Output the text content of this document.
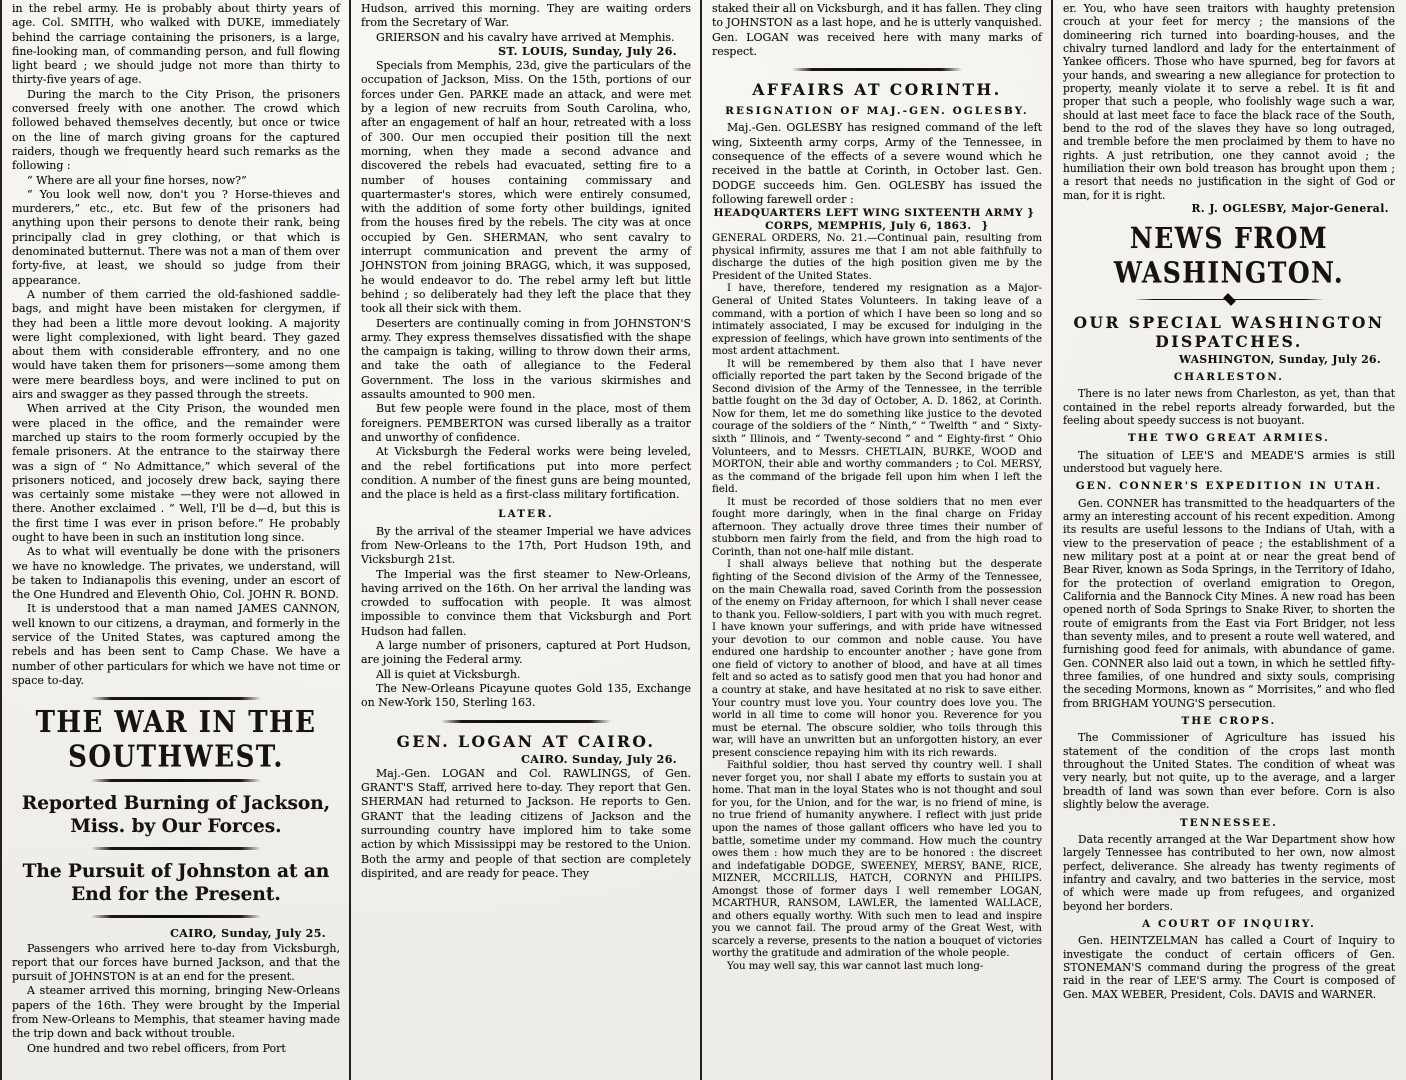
in the rebel army. He is probably about thirty years of age. Col. SMITH, who walked with DUKE, immediately behind the carriage containing the prisoners, is a large, fine-looking man, of commanding person, and full flowing light beard ; we should judge not more than thirty to thirty-five years of age.
During the march to the City Prison, the prisoners conversed freely with one another. The crowd which followed behaved themselves decently, but once or twice on the line of march giving groans for the captured raiders, though we frequently heard such remarks as the following :
“ Where are all your fine horses, now?”
“ You look well now, don't you ? Horse-thieves and murderers,” etc., etc. But few of the prisoners had anything upon their persons to denote their rank, being principally clad in grey clothing, or that which is denominated butternut. There was not a man of them over forty-five, at least, we should so judge from their appearance.
A number of them carried the old-fashioned saddle-bags, and might have been mistaken for clergymen, if they had been a little more devout looking. A majority were light complexioned, with light beard. They gazed about them with considerable effrontery, and no one would have taken them for prisoners—some among them were mere beardless boys, and were inclined to put on airs and swagger as they passed through the streets.
When arrived at the City Prison, the wounded men were placed in the office, and the remainder were marched up stairs to the room formerly occupied by the female prisoners. At the entrance to the stairway there was a sign of “ No Admittance,” which several of the prisoners noticed, and jocosely drew back, saying there was certainly some mistake —they were not allowed in there. Another exclaimed . “ Well, I'll be d—d, but this is the first time I was ever in prison before.” He probably ought to have been in such an institution long since.
As to what will eventually be done with the prisoners we have no knowledge. The privates, we understand, will be taken to Indianapolis this evening, under an escort of the One Hundred and Eleventh Ohio, Col. JOHN R. BOND.
It is understood that a man named JAMES CANNON, well known to our citizens, a drayman, and formerly in the service of the United States, was captured among the rebels and has been sent to Camp Chase. We have a number of other particulars for which we have not time or space to-day.
THE WAR IN THE SOUTHWEST.
Reported Burning of Jackson, Miss. by Our Forces.
The Pursuit of Johnston at an End for the Present.
CAIRO, Sunday, July 25.
Passengers who arrived here to-day from Vicksburgh, report that our forces have burned Jackson, and that the pursuit of JOHNSTON is at an end for the present.
A steamer arrived this morning, bringing New-Orleans papers of the 16th. They were brought by the Imperial from New-Orleans to Memphis, that steamer having made the trip down and back without trouble.
One hundred and two rebel officers, from Port
Hudson, arrived this morning. They are waiting orders from the Secretary of War.
GRIERSON and his cavalry have arrived at Memphis.
ST. LOUIS, Sunday, July 26.
Specials from Memphis, 23d, give the particulars of the occupation of Jackson, Miss. On the 15th, portions of our forces under Gen. PARKE made an attack, and were met by a legion of new recruits from South Carolina, who, after an engagement of half an hour, retreated with a loss of 300. Our men occupied their position till the next morning, when they made a second advance and discovered the rebels had evacuated, setting fire to a number of houses containing commissary and quartermaster's stores, which were entirely consumed, with the addition of some forty other buildings, ignited from the houses fired by the rebels. The city was at once occupied by Gen. SHERMAN, who sent cavalry to interrupt communication and prevent the army of JOHNSTON from joining BRAGG, which, it was supposed, he would endeavor to do. The rebel army left but little behind ; so deliberately had they left the place that they took all their sick with them.
Deserters are continually coming in from JOHNSTON'S army. They express themselves dissatisfied with the shape the campaign is taking, willing to throw down their arms, and take the oath of allegiance to the Federal Government. The loss in the various skirmishes and assaults amounted to 900 men.
But few people were found in the place, most of them foreigners. PEMBERTON was cursed liberally as a traitor and unworthy of confidence.
At Vicksburgh the Federal works were being leveled, and the rebel fortifications put into more perfect condition. A number of the finest guns are being mounted, and the place is held as a first-class military fortification.
LATER.
By the arrival of the steamer Imperial we have advices from New-Orleans to the 17th, Port Hudson 19th, and Vicksburgh 21st.
The Imperial was the first steamer to New-Orleans, having arrived on the 16th. On her arrival the landing was crowded to suffocation with people. It was almost impossible to convince them that Vicksburgh and Port Hudson had fallen.
A large number of prisoners, captured at Port Hudson, are joining the Federal army.
All is quiet at Vicksburgh.
The New-Orleans Picayune quotes Gold 135, Exchange on New-York 150, Sterling 163.
GEN. LOGAN AT CAIRO.
CAIRO. Sunday, July 26.
Maj.-Gen. LOGAN and Col. RAWLINGS, of Gen. GRANT'S Staff, arrived here to-day. They report that Gen. SHERMAN had returned to Jackson. He reports to Gen. GRANT that the leading citizens of Jackson and the surrounding country have implored him to take some action by which Mississippi may be restored to the Union. Both the army and people of that section are completely dispirited, and are ready for peace. They
staked their all on Vicksburgh, and it has fallen. They cling to JOHNSTON as a last hope, and he is utterly vanquished. Gen. LOGAN was received here with many marks of respect.
AFFAIRS AT CORINTH.
RESIGNATION OF MAJ.-GEN. OGLESBY.
Maj.-Gen. OGLESBY has resigned command of the left wing, Sixteenth army corps, Army of the Tennessee, in consequence of the effects of a severe wound which he received in the battle at Corinth, in October last. Gen. DODGE succeeds him. Gen. OGLESBY has issued the following farewell order :
HEADQUARTERS LEFT WING SIXTEENTH ARMY }  CORPS, MEMPHIS, July 6, 1863.  }
GENERAL ORDERS, No. 21.—Continual pain, resulting from physical infirmity, assures me that I am not able faithfully to discharge the duties of the high position given me by the President of the United States.
I have, therefore, tendered my resignation as a Major-General of United States Volunteers. In taking leave of a command, with a portion of which I have been so long and so intimately associated, I may be excused for indulging in the expression of feelings, which have grown into sentiments of the most ardent attachment.
It will be remembered by them also that I have never officially reported the part taken by the Second brigade of the Second division of the Army of the Tennessee, in the terrible battle fought on the 3d day of October, A. D. 1862, at Corinth. Now for them, let me do something like justice to the devoted courage of the soldiers of the “ Ninth,” “ Twelfth ” and “ Sixty-sixth ” Illinois, and “ Twenty-second ” and “ Eighty-first ” Ohio Volunteers, and to Messrs. CHETLAIN, BURKE, WOOD and MORTON, their able and worthy commanders ; to Col. MERSY, as the command of the brigade fell upon him when I left the field.
It must be recorded of those soldiers that no men ever fought more daringly, when in the final charge on Friday afternoon. They actually drove three times their number of stubborn men fairly from the field, and from the high road to Corinth, than not one-half mile distant.
I shall always believe that nothing but the desperate fighting of the Second division of the Army of the Tennessee, on the main Chewalla road, saved Corinth from the possession of the enemy on Friday afternoon, for which I shall never cease to thank you. Fellow-soldiers, I part with you with much regret. I have known your sufferings, and with pride have witnessed your devotion to our common and noble cause. You have endured one hardship to encounter another ; have gone from one field of victory to another of blood, and have at all times felt and so acted as to satisfy good men that you had honor and a country at stake, and have hesitated at no risk to save either. Your country must love you. Your country does love you. The world in all time to come will honor you. Reverence for you must be eternal. The obscure soldier, who toils through this war, will have an unwritten but an unforgotten history, an ever present conscience repaying him with its rich rewards.
Faithful soldier, thou hast served thy country well. I shall never forget you, nor shall I abate my efforts to sustain you at home. That man in the loyal States who is not thought and soul for you, for the Union, and for the war, is no friend of mine, is no true friend of humanity anywhere. I reflect with just pride upon the names of those gallant officers who have led you to battle, sometime under my command. How much the country owes them : how much they are to be honored : the discreet and indefatigable DODGE, SWEENEY, MERSY, BANE, RICE, MIZNER, MCCRILLIS, HATCH, CORNYN and PHILIPS. Amongst those of former days I well remember LOGAN, MCARTHUR, RANSOM, LAWLER, the lamented WALLACE, and others equally worthy. With such men to lead and inspire you we cannot fail. The proud army of the Great West, with scarcely a reverse, presents to the nation a bouquet of victories worthy the gratitude and admiration of the whole people.
You may well say, this war cannot last much long-
er. You, who have seen traitors with haughty pretension crouch at your feet for mercy ; the mansions of the domineering rich turned into boarding-houses, and the chivalry turned landlord and lady for the entertainment of Yankee officers. Those who have spurned, beg for favors at your hands, and swearing a new allegiance for protection to property, meanly violate it to serve a rebel. It is fit and proper that such a people, who foolishly wage such a war, should at last meet face to face the black race of the South, bend to the rod of the slaves they have so long outraged, and tremble before the men proclaimed by them to have no rights. A just retribution, one they cannot avoid ; the humiliation their own bold treason has brought upon them ; a resort that needs no justification in the sight of God or man, for it is right.
R. J. OGLESBY, Major-General.
NEWS FROM WASHINGTON.
OUR SPECIAL WASHINGTON DISPATCHES.
WASHINGTON, Sunday, July 26.
CHARLESTON.
There is no later news from Charleston, as yet, than that contained in the rebel reports already forwarded, but the feeling about speedy success is not buoyant.
THE TWO GREAT ARMIES.
The situation of LEE'S and MEADE'S armies is still understood but vaguely here.
GEN. CONNER'S EXPEDITION IN UTAH.
Gen. CONNER has transmitted to the headquarters of the army an interesting account of his recent expedition. Among its results are useful lessons to the Indians of Utah, with a view to the preservation of peace ; the establishment of a new military post at a point at or near the great bend of Bear River, known as Soda Springs, in the Territory of Idaho, for the protection of overland emigration to Oregon, California and the Bannock City Mines. A new road has been opened north of Soda Springs to Snake River, to shorten the route of emigrants from the East via Fort Bridger, not less than seventy miles, and to present a route well watered, and furnishing good feed for animals, with abundance of game. Gen. CONNER also laid out a town, in which he settled fifty-three families, of one hundred and sixty souls, comprising the seceding Mormons, known as “ Morrisites,” and who fled from BRIGHAM YOUNG'S persecution.
THE CROPS.
The Commissioner of Agriculture has issued his statement of the condition of the crops last month throughout the United States. The condition of wheat was very nearly, but not quite, up to the average, and a larger breadth of land was sown than ever before. Corn is also slightly below the average.
TENNESSEE.
Data recently arranged at the War Department show how largely Tennessee has contributed to her own, now almost perfect, deliverance. She already has twenty regiments of infantry and cavalry, and two batteries in the service, most of which were made up from refugees, and organized beyond her borders.
A COURT OF INQUIRY.
Gen. HEINTZELMAN has called a Court of Inquiry to investigate the conduct of certain officers of Gen. STONEMAN'S command during the progress of the great raid in the rear of LEE'S army. The Court is composed of Gen. MAX WEBER, President, Cols. DAVIS and WARNER.
